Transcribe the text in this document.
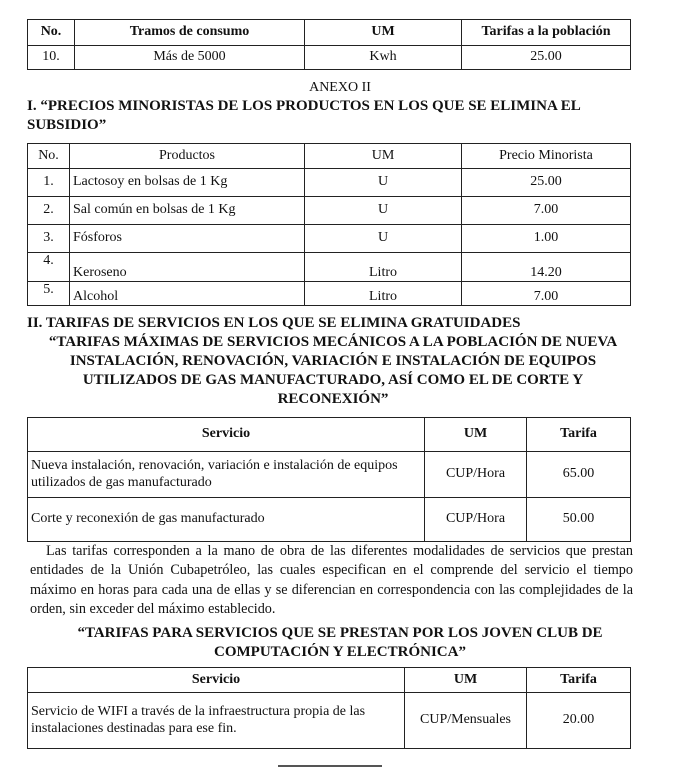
No.	Tramos de consumo	UM	Tarifas a la población
10.	Más de 5000	Kwh	25.00
ANEXO II
I. “PRECIOS MINORISTAS DE LOS PRODUCTOS EN LOS QUE SE ELIMINA EL SUBSIDIO”
No.	Productos	UM	Precio Minorista
1.	Lactosoy en bolsas de 1 Kg	U	25.00
2.	Sal común en bolsas de 1 Kg	U	7.00
3.	Fósforos	U	1.00
4.	Keroseno	Litro	14.20
5.	Alcohol	Litro	7.00
II. TARIFAS DE SERVICIOS EN LOS QUE SE ELIMINA GRATUIDADES
“TARIFAS MÁXIMAS DE SERVICIOS MECÁNICOS A LA POBLACIÓN DE NUEVA INSTALACIÓN, RENOVACIÓN, VARIACIÓN E INSTALACIÓN DE EQUIPOS UTILIZADOS DE GAS MANUFACTURADO, ASÍ COMO EL DE CORTE Y RECONEXIÓN”
Servicio	UM	Tarifa
Nueva instalación, renovación, variación e instalación de equipos utilizados de gas manufacturado	CUP/Hora	65.00
Corte y reconexión de gas manufacturado	CUP/Hora	50.00
Las tarifas corresponden a la mano de obra de las diferentes modalidades de servicios que prestan entidades de la Unión Cubapetróleo, las cuales especifican en el comprende del servicio el tiempo máximo en horas para cada una de ellas y se diferencian en correspondencia con las complejidades de la orden, sin exceder del máximo establecido.
“TARIFAS PARA SERVICIOS QUE SE PRESTAN POR LOS JOVEN CLUB DE COMPUTACIÓN Y ELECTRÓNICA”
Servicio	UM	Tarifa
Servicio de WIFI a través de la infraestructura propia de las instalaciones destinadas para ese fin.	CUP/Mensuales	20.00
